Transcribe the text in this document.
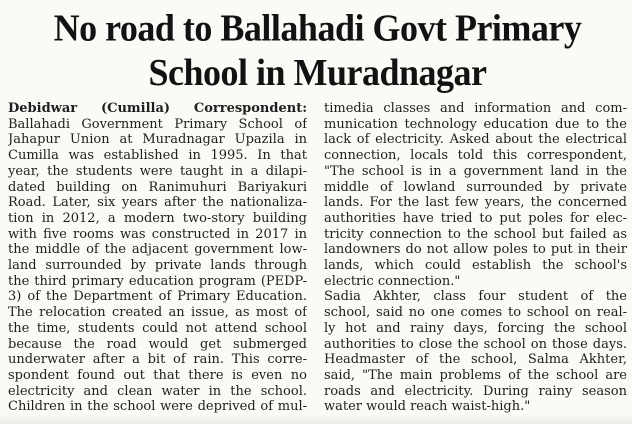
No road to Ballahadi Govt Primary
School in Muradnagar
Debidwar (Cumilla) Correspondent:
Ballahadi Government Primary School of
Jahapur Union at Muradnagar Upazila in
Cumilla was established in 1995. In that
year, the students were taught in a dilapi-
dated building on Ranimuhuri Bariyakuri
Road. Later, six years after the nationaliza-
tion in 2012, a modern two-story building
with five rooms was constructed in 2017 in
the middle of the adjacent government low-
land surrounded by private lands through
the third primary education program (PEDP-
3) of the Department of Primary Education.
The relocation created an issue, as most of
the time, students could not attend school
because the road would get submerged
underwater after a bit of rain. This corre-
spondent found out that there is even no
electricity and clean water in the school.
Children in the school were deprived of mul-
timedia classes and information and com-
munication technology education due to the
lack of electricity. Asked about the electrical
connection, locals told this correspondent,
"The school is in a government land in the
middle of lowland surrounded by private
lands. For the last few years, the concerned
authorities have tried to put poles for elec-
tricity connection to the school but failed as
landowners do not allow poles to put in their
lands, which could establish the school's
electric connection."
Sadia Akhter, class four student of the
school, said no one comes to school on real-
ly hot and rainy days, forcing the school
authorities to close the school on those days.
Headmaster of the school, Salma Akhter,
said, "The main problems of the school are
roads and electricity. During rainy season
water would reach waist-high."
